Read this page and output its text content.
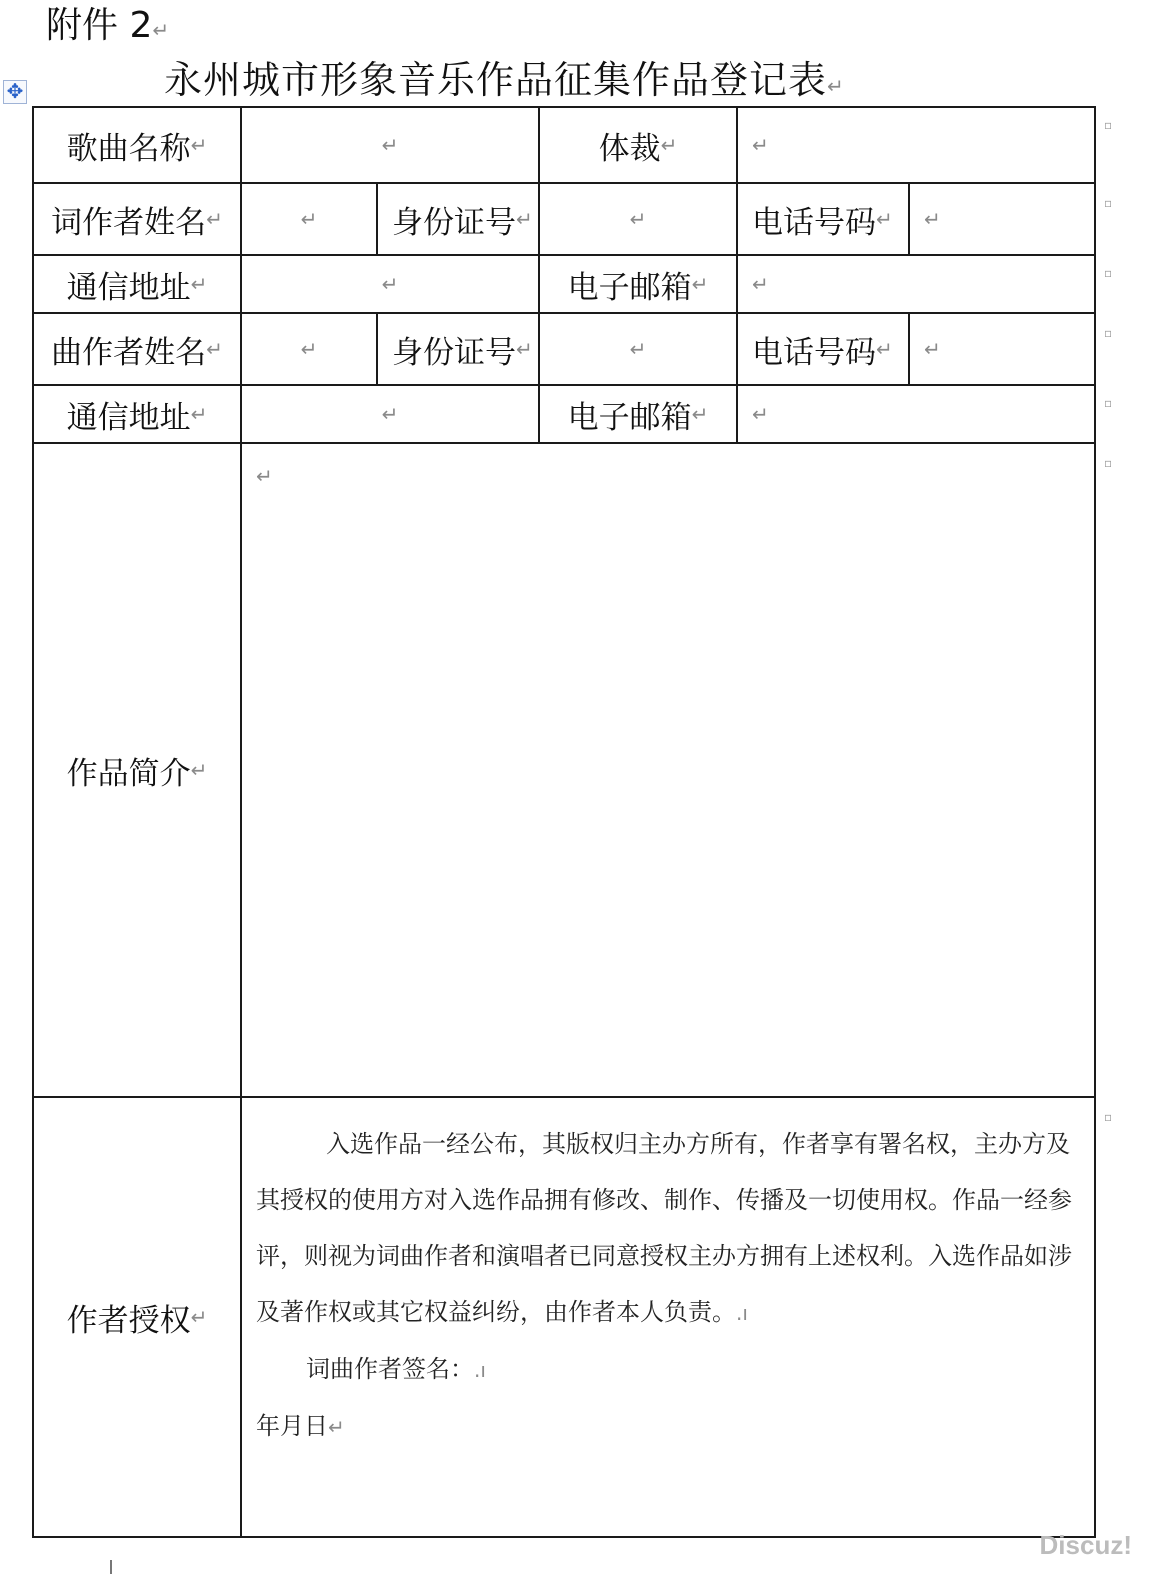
附件 2↵
永州城市形象音乐作品征集作品登记表↵
✥
歌曲名称 ↵	↵	体裁 ↵	↵
词作者姓名 ↵	↵ 身份证号 ↵	↵	电话号码 ↵ ↵
通信地址 ↵	↵	电子邮箱 ↵ ↵
曲作者姓名 ↵	↵ 身份证号 ↵	↵	电话号码 ↵ ↵
通信地址 ↵	↵	电子邮箱 ↵ ↵
作品简介 ↵
↵
作者授权 ↵

入选作品一经公布，其版权归主办方所有，作者享有署名权，主办方及其授权的使用方对入选作品拥有修改、制作、传播及一切使用权。作品一经参评，则视为词曲作者和演唱者已同意授权主办方拥有上述权利。入选作品如涉及著作权或其它权益纠纷，由作者本人负责。.ı

词曲作者签名：.ı

年月日↵

▫
▫
▫
▫
▫
▫
▫
Discuz!
